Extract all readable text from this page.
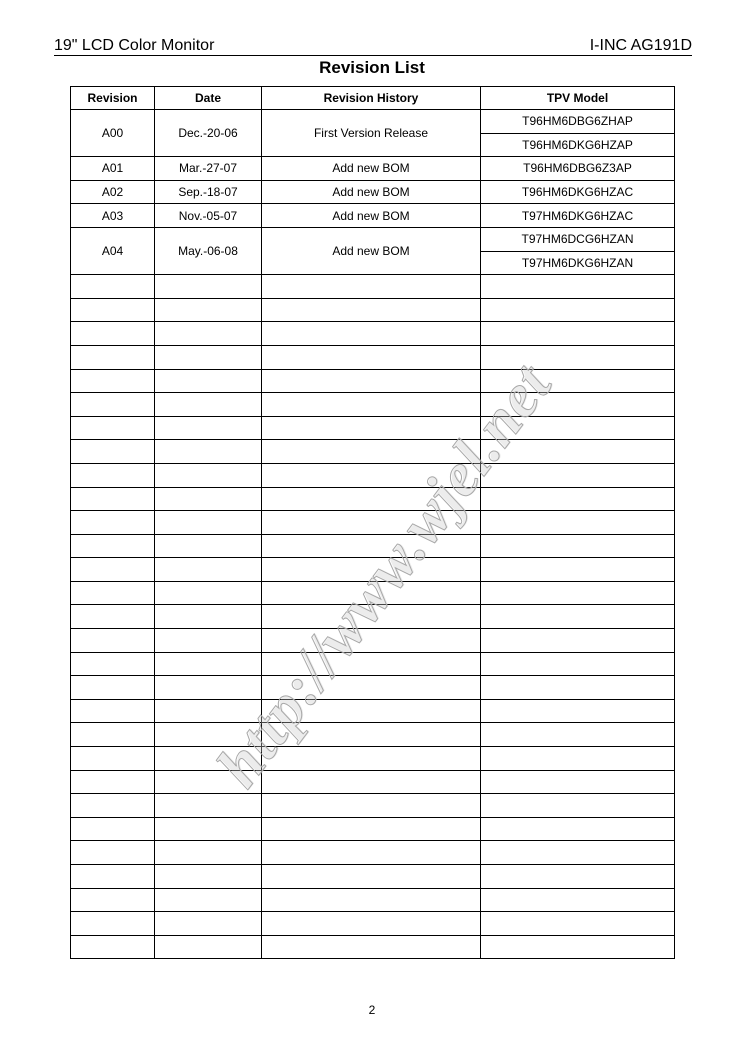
19" LCD Color Monitor	I-INC AG191D
Revision List
Revision	Date	Revision History	TPV Model
A00	Dec.-20-06	First Version Release	T96HM6DBG6ZHAP
			T96HM6DKG6HZAP
A01	Mar.-27-07	Add new BOM	T96HM6DBG6Z3AP
A02	Sep.-18-07	Add new BOM	T96HM6DKG6HZAC
A03	Nov.-05-07	Add new BOM	T97HM6DKG6HZAC
A04	May.-06-08	Add new BOM	T97HM6DCG6HZAN
			T97HM6DKG6HZAN

http://www.wjel.net
2
